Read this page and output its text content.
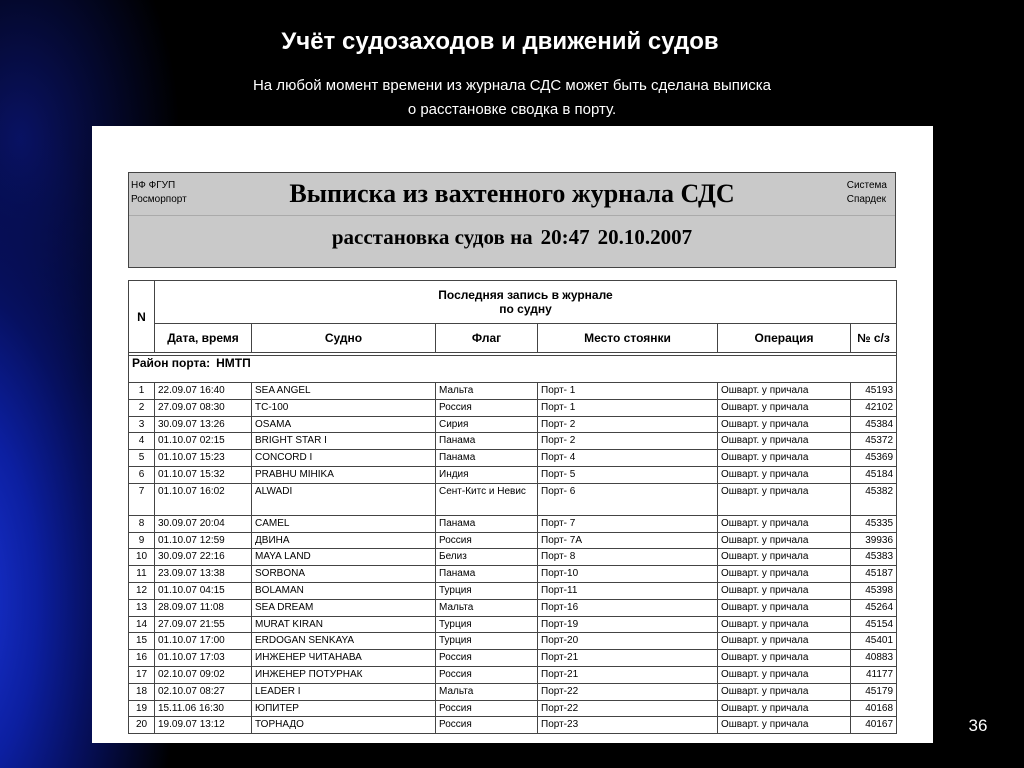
Учёт судозаходов и движений судов
На любой момент времени из журнала СДС может быть сделана выписка
о расстановке сводка в порту.
НФ ФГУП
Росморпорт
Система
Спардек
Выписка из вахтенного журнала СДС
расстановка судов на 20:47 20.10.2007
N	Последняя запись в журнале
по судну					

	Дата, время	Судно	Флаг	Место стоянки	Операция	№ с/з

Район порта: НМТП						
1	22.09.07 16:40	SEA ANGEL	Мальта	Порт- 1	Ошварт. у причала	45193
2	27.09.07 08:30	TC-100	Россия	Порт- 1	Ошварт. у причала	42102
3	30.09.07 13:26	OSAMA	Сирия	Порт- 2	Ошварт. у причала	45384
4	01.10.07 02:15	BRIGHT STAR I	Панама	Порт- 2	Ошварт. у причала	45372
5	01.10.07 15:23	CONCORD I	Панама	Порт- 4	Ошварт. у причала	45369
6	01.10.07 15:32	PRABHU MIHIKA	Индия	Порт- 5	Ошварт. у причала	45184
7	01.10.07 16:02	ALWADI	Сент-Китс и Невис	Порт- 6	Ошварт. у причала	45382
8	30.09.07 20:04	CAMEL	Панама	Порт- 7	Ошварт. у причала	45335
9	01.10.07 12:59	ДВИНА	Россия	Порт- 7А	Ошварт. у причала	39936
10	30.09.07 22:16	MAYA LAND	Белиз	Порт- 8	Ошварт. у причала	45383
11	23.09.07 13:38	SORBONA	Панама	Порт-10	Ошварт. у причала	45187
12	01.10.07 04:15	BOLAMAN	Турция	Порт-11	Ошварт. у причала	45398
13	28.09.07 11:08	SEA DREAM	Мальта	Порт-16	Ошварт. у причала	45264
14	27.09.07 21:55	MURAT KIRAN	Турция	Порт-19	Ошварт. у причала	45154
15	01.10.07 17:00	ERDOGAN SENKAYA	Турция	Порт-20	Ошварт. у причала	45401
16	01.10.07 17:03	ИНЖЕНЕР ЧИТАНАВА	Россия	Порт-21	Ошварт. у причала	40883
17	02.10.07 09:02	ИНЖЕНЕР ПОТУРНАК	Россия	Порт-21	Ошварт. у причала	41177
18	02.10.07 08:27	LEADER I	Мальта	Порт-22	Ошварт. у причала	45179
19	15.11.06 16:30	ЮПИТЕР	Россия	Порт-22	Ошварт. у причала	40168
20	19.09.07 13:12	ТОРНАДО	Россия	Порт-23	Ошварт. у причала	40167	36
